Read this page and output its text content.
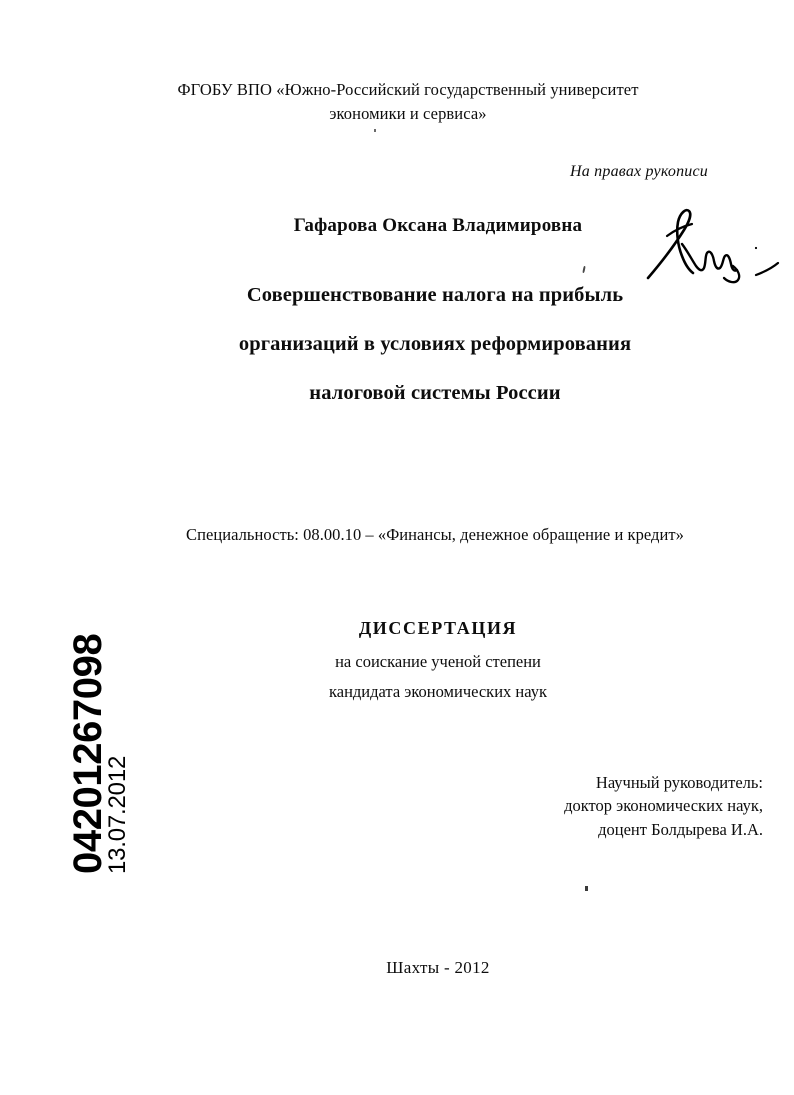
ФГОБУ ВПО «Южно-Российский государственный университет
экономики и сервиса»
На правах рукописи
Гафарова Оксана Владимировна
Совершенствование налога на прибыль
организаций в условиях реформирования
налоговой системы России
Специальность: 08.00.10 – «Финансы, денежное обращение и кредит»
ДИССЕРТАЦИЯ
на соискание ученой степени
кандидата экономических наук
Научный руководитель:
доктор экономических наук,
доцент Болдырева И.А.
Шахты - 2012
04201267098
13.07.2012
